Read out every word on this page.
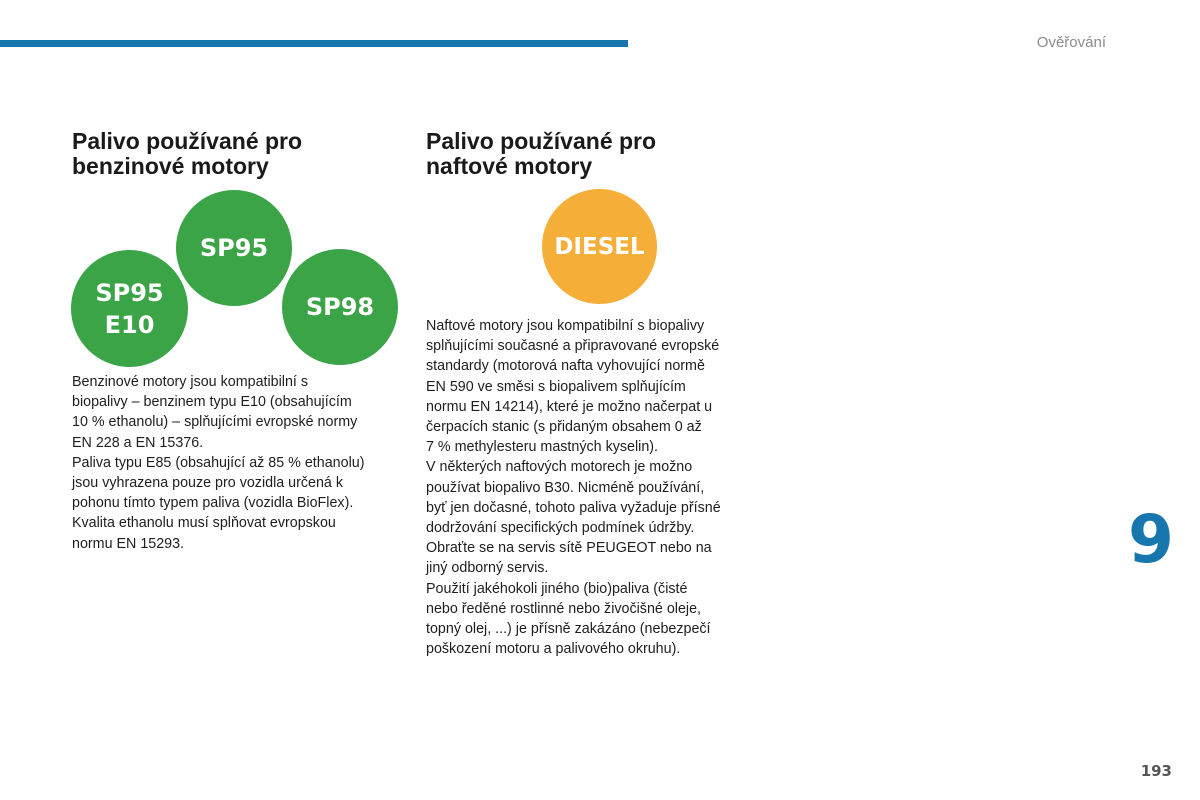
Ověřování
Palivo používané pro
benzinové motory
Palivo používané pro
naftové motory
SP95
SP95
E10
SP98
DIESEL

Benzinové motory jsou kompatibilní s

biopalivy – benzinem typu E10 (obsahujícím

10 % ethanolu) – splňujícími evropské normy

EN 228 a EN 15376.

Paliva typu E85 (obsahující až 85 % ethanolu)

jsou vyhrazena pouze pro vozidla určená k

pohonu tímto typem paliva (vozidla BioFlex).

Kvalita ethanolu musí splňovat evropskou

normu EN 15293.

Naftové motory jsou kompatibilní s biopalivy

splňujícími současné a připravované evropské

standardy (motorová nafta vyhovující normě

EN 590 ve směsi s biopalivem splňujícím

normu EN 14214), které je možno načerpat u

čerpacích stanic (s přidaným obsahem 0 až

7 % methylesteru mastných kyselin).

V některých naftových motorech je možno

používat biopalivo B30. Nicméně používání,

byť jen dočasné, tohoto paliva vyžaduje přísné

dodržování specifických podmínek údržby.

Obraťte se na servis sítě PEUGEOT nebo na

jiný odborný servis.

Použití jakéhokoli jiného (bio)paliva (čisté

nebo ředěné rostlinné nebo živočišné oleje,

topný olej, ...) je přísně zakázáno (nebezpečí

poškození motoru a palivového okruhu).

9
193
